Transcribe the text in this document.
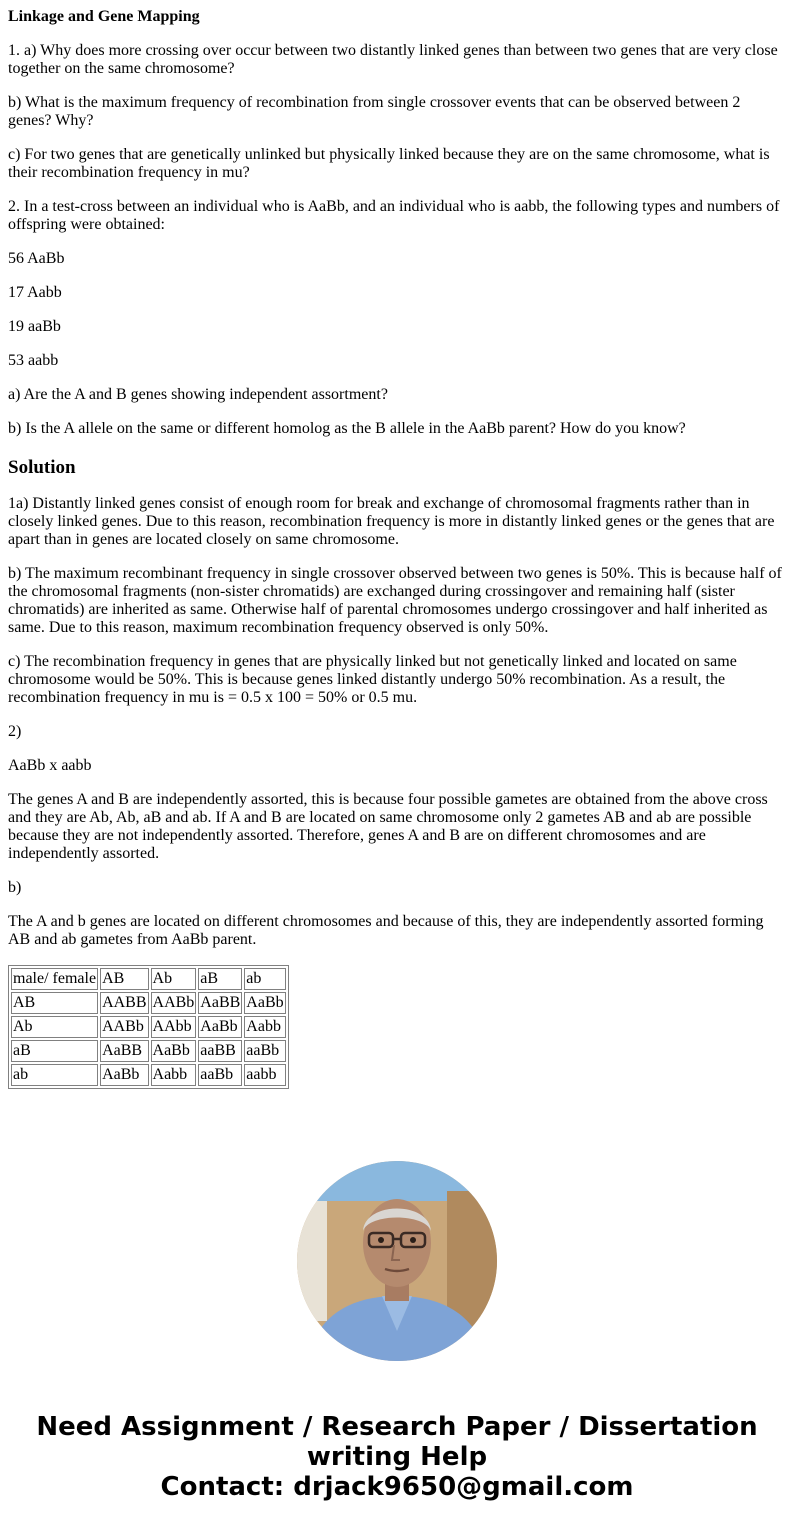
Linkage and Gene Mapping

1. a) Why does more crossing over occur between two distantly linked genes than between two genes that are very close together on the same chromosome?

b) What is the maximum frequency of recombination from single crossover events that can be observed between 2 genes? Why?

c) For two genes that are genetically unlinked but physically linked because they are on the same chromosome, what is their recombination frequency in mu?

2. In a test-cross between an individual who is AaBb, and an individual who is aabb, the following types and numbers of offspring were obtained:

56 AaBb

17 Aabb

19 aaBb

53 aabb

a) Are the A and B genes showing independent assortment?

b) Is the A allele on the same or different homolog as the B allele in the AaBb parent? How do you know?

Solution

1a) Distantly linked genes consist of enough room for break and exchange of chromosomal fragments rather than in closely linked genes. Due to this reason, recombination frequency is more in distantly linked genes or the genes that are apart than in genes are located closely on same chromosome.

b) The maximum recombinant frequency in single crossover observed between two genes is 50%. This is because half of the chromosomal fragments (non-sister chromatids) are exchanged during crossingover and remaining half (sister chromatids) are inherited as same. Otherwise half of parental chromosomes undergo crossingover and half inherited as same. Due to this reason, maximum recombination frequency observed is only 50%.

c) The recombination frequency in genes that are physically linked but not genetically linked and located on same chromosome would be 50%. This is because genes linked distantly undergo 50% recombination. As a result, the recombination frequency in mu is = 0.5 x 100 = 50% or 0.5 mu.

2)

AaBb x aabb

The genes A and B are independently assorted, this is because four possible gametes are obtained from the above cross and they are Ab, Ab, aB and ab. If A and B are located on same chromosome only 2 gametes AB and ab are possible because they are not independently assorted. Therefore, genes A and B are on different chromosomes and are independently assorted.

b)

The A and b genes are located on different chromosomes and because of this, they are independently assorted forming AB and ab gametes from AaBb parent.

male/ female	AB	Ab	aB	ab
AB	AABB	AABb	AaBB	AaBb
Ab	AABb	AAbb	AaBb	Aabb
aB	AaBB	AaBb	aaBB	aaBb
ab	AaBb	Aabb	aaBb	aabb
Need Assignment / Research Paper / Dissertation
writing Help
Contact: drjack9650@gmail.com
